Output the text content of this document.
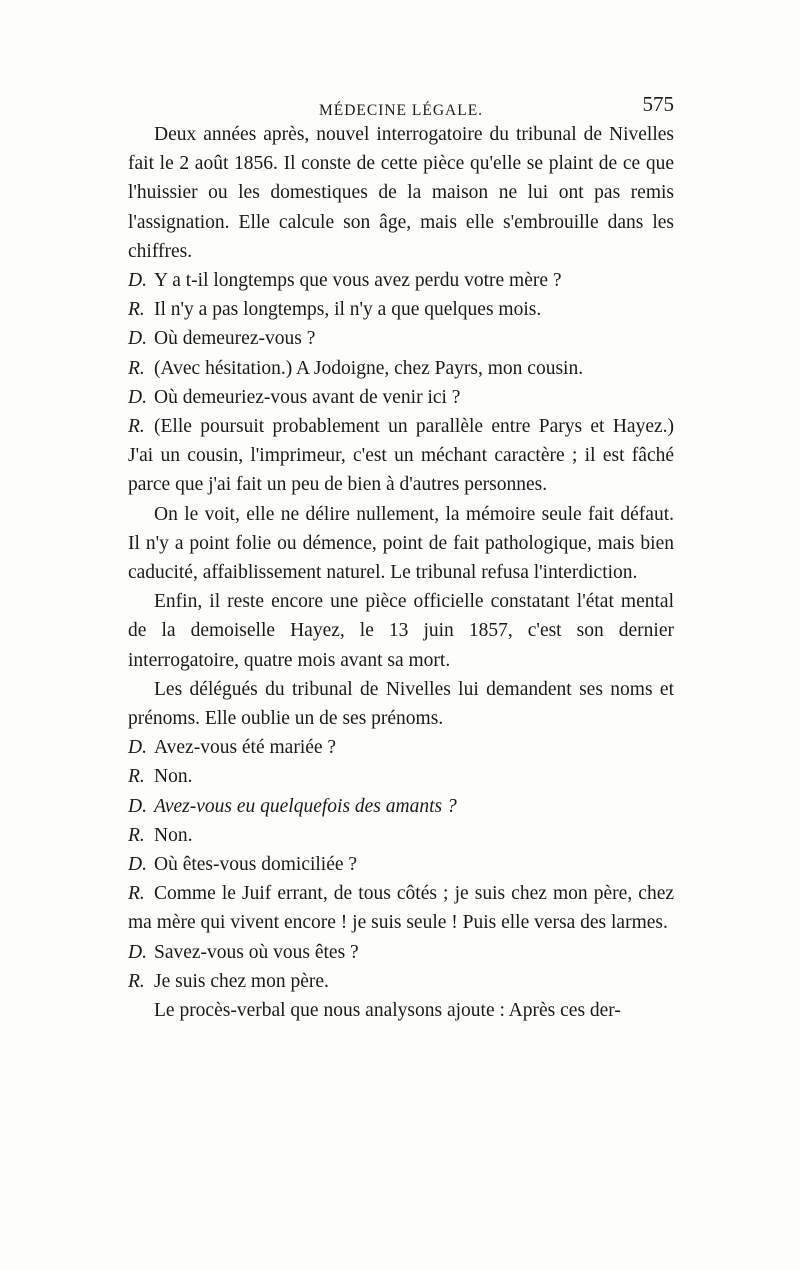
MÉDECINE LÉGALE.	575

Deux années après, nouvel interrogatoire du tribunal de Nivelles fait le 2 août 1856. Il conste de cette pièce qu'elle se plaint de ce que l'huissier ou les domestiques de la maison ne lui ont pas remis l'assignation. Elle calcule son âge, mais elle s'embrouille dans les chiffres.

D. Y a t-il longtemps que vous avez perdu votre mère ?

R. Il n'y a pas longtemps, il n'y a que quelques mois.

D. Où demeurez-vous ?

R. (Avec hésitation.) A Jodoigne, chez Payrs, mon cousin.

D. Où demeuriez-vous avant de venir ici ?

R. (Elle poursuit probablement un parallèle entre Parys et Hayez.) J'ai un cousin, l'imprimeur, c'est un méchant caractère ; il est fâché parce que j'ai fait un peu de bien à d'autres personnes.

On le voit, elle ne délire nullement, la mémoire seule fait défaut. Il n'y a point folie ou démence, point de fait pathologique, mais bien caducité, affaiblissement naturel. Le tribunal refusa l'interdiction.

Enfin, il reste encore une pièce officielle constatant l'état mental de la demoiselle Hayez, le 13 juin 1857, c'est son dernier interrogatoire, quatre mois avant sa mort.

Les délégués du tribunal de Nivelles lui demandent ses noms et prénoms. Elle oublie un de ses prénoms.

D. Avez-vous été mariée ?

R. Non.

D. Avez-vous eu quelquefois des amants ?

R. Non.

D. Où êtes-vous domiciliée ?

R. Comme le Juif errant, de tous côtés ; je suis chez mon père, chez ma mère qui vivent encore ! je suis seule ! Puis elle versa des larmes.

D. Savez-vous où vous êtes ?

R. Je suis chez mon père.

Le procès-verbal que nous analysons ajoute : Après ces der-
